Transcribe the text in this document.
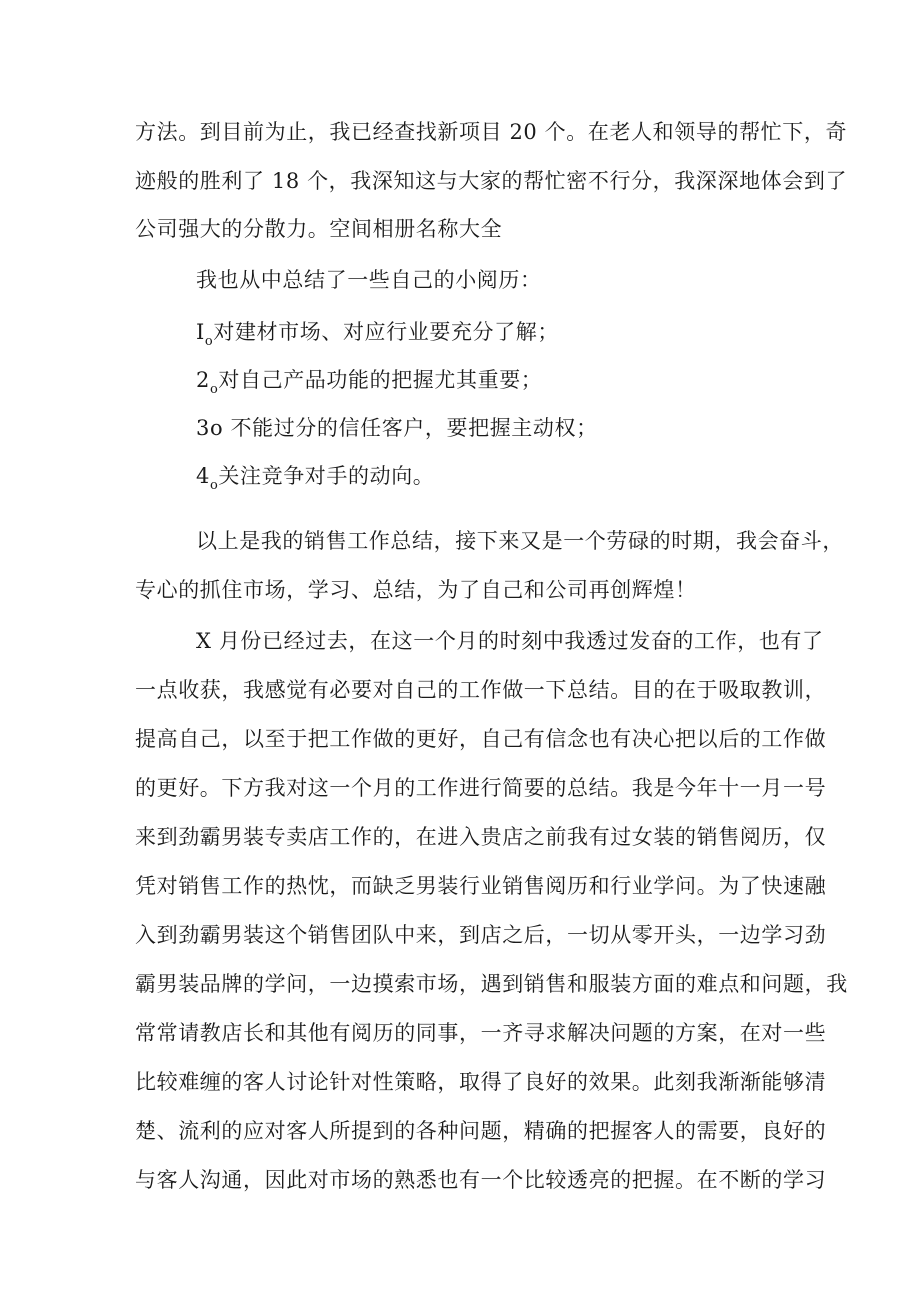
方法。到目前为止，我已经查找新项目 20 个。在老人和领导的帮忙下，奇
迹般的胜利了 18 个，我深知这与大家的帮忙密不行分，我深深地体会到了
公司强大的分散力。空间相册名称大全
我也从中总结了一些自己的小阅历：
$I_o$对建材市场、对应行业要充分了解；
$2_o$对自己产品功能的把握尤其重要；
3o 不能过分的信任客户，要把握主动权；
$4_o$关注竞争对手的动向。
以上是我的销售工作总结，接下来又是一个劳碌的时期，我会奋斗，
专心的抓住市场，学习、总结，为了自己和公司再创辉煌！
X 月份已经过去，在这一个月的时刻中我透过发奋的工作，也有了
一点收获，我感觉有必要对自己的工作做一下总结。目的在于吸取教训，
提高自己，以至于把工作做的更好，自己有信念也有决心把以后的工作做
的更好。下方我对这一个月的工作进行简要的总结。我是今年十一月一号
来到劲霸男装专卖店工作的，在进入贵店之前我有过女装的销售阅历，仅
凭对销售工作的热忱，而缺乏男装行业销售阅历和行业学问。为了快速融
入到劲霸男装这个销售团队中来，到店之后，一切从零开头，一边学习劲
霸男装品牌的学问，一边摸索市场，遇到销售和服装方面的难点和问题，我
常常请教店长和其他有阅历的同事，一齐寻求解决问题的方案，在对一些
比较难缠的客人讨论针对性策略，取得了良好的效果。此刻我渐渐能够清
楚、流利的应对客人所提到的各种问题，精确的把握客人的需要，良好的
与客人沟通，因此对市场的熟悉也有一个比较透亮的把握。在不断的学习
